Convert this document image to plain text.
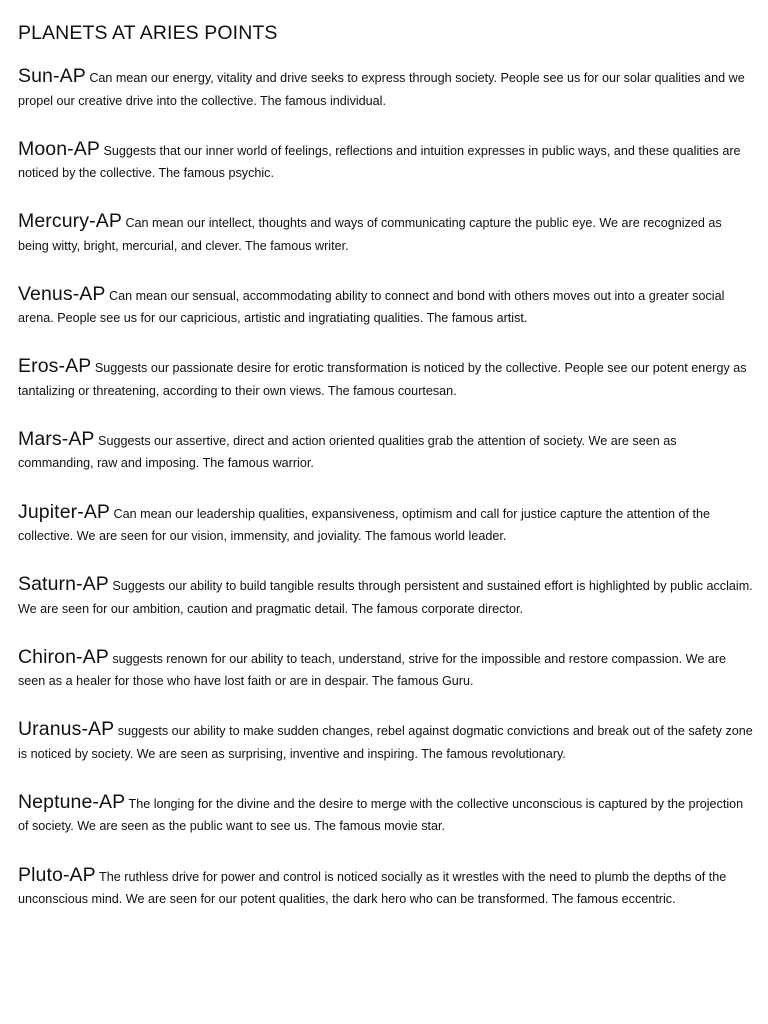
PLANETS AT ARIES POINTS

Sun-AP Can mean our energy, vitality and drive seeks to express through society. People see us for our solar qualities and we propel our creative drive into the collective. The famous individual.

Moon-AP Suggests that our inner world of feelings, reflections and intuition expresses in public ways, and these qualities are noticed by the collective. The famous psychic.

Mercury-AP Can mean our intellect, thoughts and ways of communicating capture the public eye. We are recognized as being witty, bright, mercurial, and clever. The famous writer.

Venus-AP Can mean our sensual, accommodating ability to connect and bond with others moves out into a greater social arena. People see us for our capricious, artistic and ingratiating qualities. The famous artist.

Eros-AP Suggests our passionate desire for erotic transformation is noticed by the collective. People see our potent energy as tantalizing or threatening, according to their own views. The famous courtesan.

Mars-AP Suggests our assertive, direct and action oriented qualities grab the attention of society. We are seen as commanding, raw and imposing. The famous warrior.

Jupiter-AP Can mean our leadership qualities, expansiveness, optimism and call for justice capture the attention of the collective. We are seen for our vision, immensity, and joviality. The famous world leader.

Saturn-AP Suggests our ability to build tangible results through persistent and sustained effort is highlighted by public acclaim. We are seen for our ambition, caution and pragmatic detail. The famous corporate director.

Chiron-AP suggests renown for our ability to teach, understand, strive for the impossible and restore compassion. We are seen as a healer for those who have lost faith or are in despair. The famous Guru.

Uranus-AP suggests our ability to make sudden changes, rebel against dogmatic convictions and break out of the safety zone is noticed by society. We are seen as surprising, inventive and inspiring. The famous revolutionary.

Neptune-AP The longing for the divine and the desire to merge with the collective unconscious is captured by the projection of society. We are seen as the public want to see us. The famous movie star.

Pluto-AP The ruthless drive for power and control is noticed socially as it wrestles with the need to plumb the depths of the unconscious mind. We are seen for our potent qualities, the dark hero who can be transformed. The famous eccentric.
